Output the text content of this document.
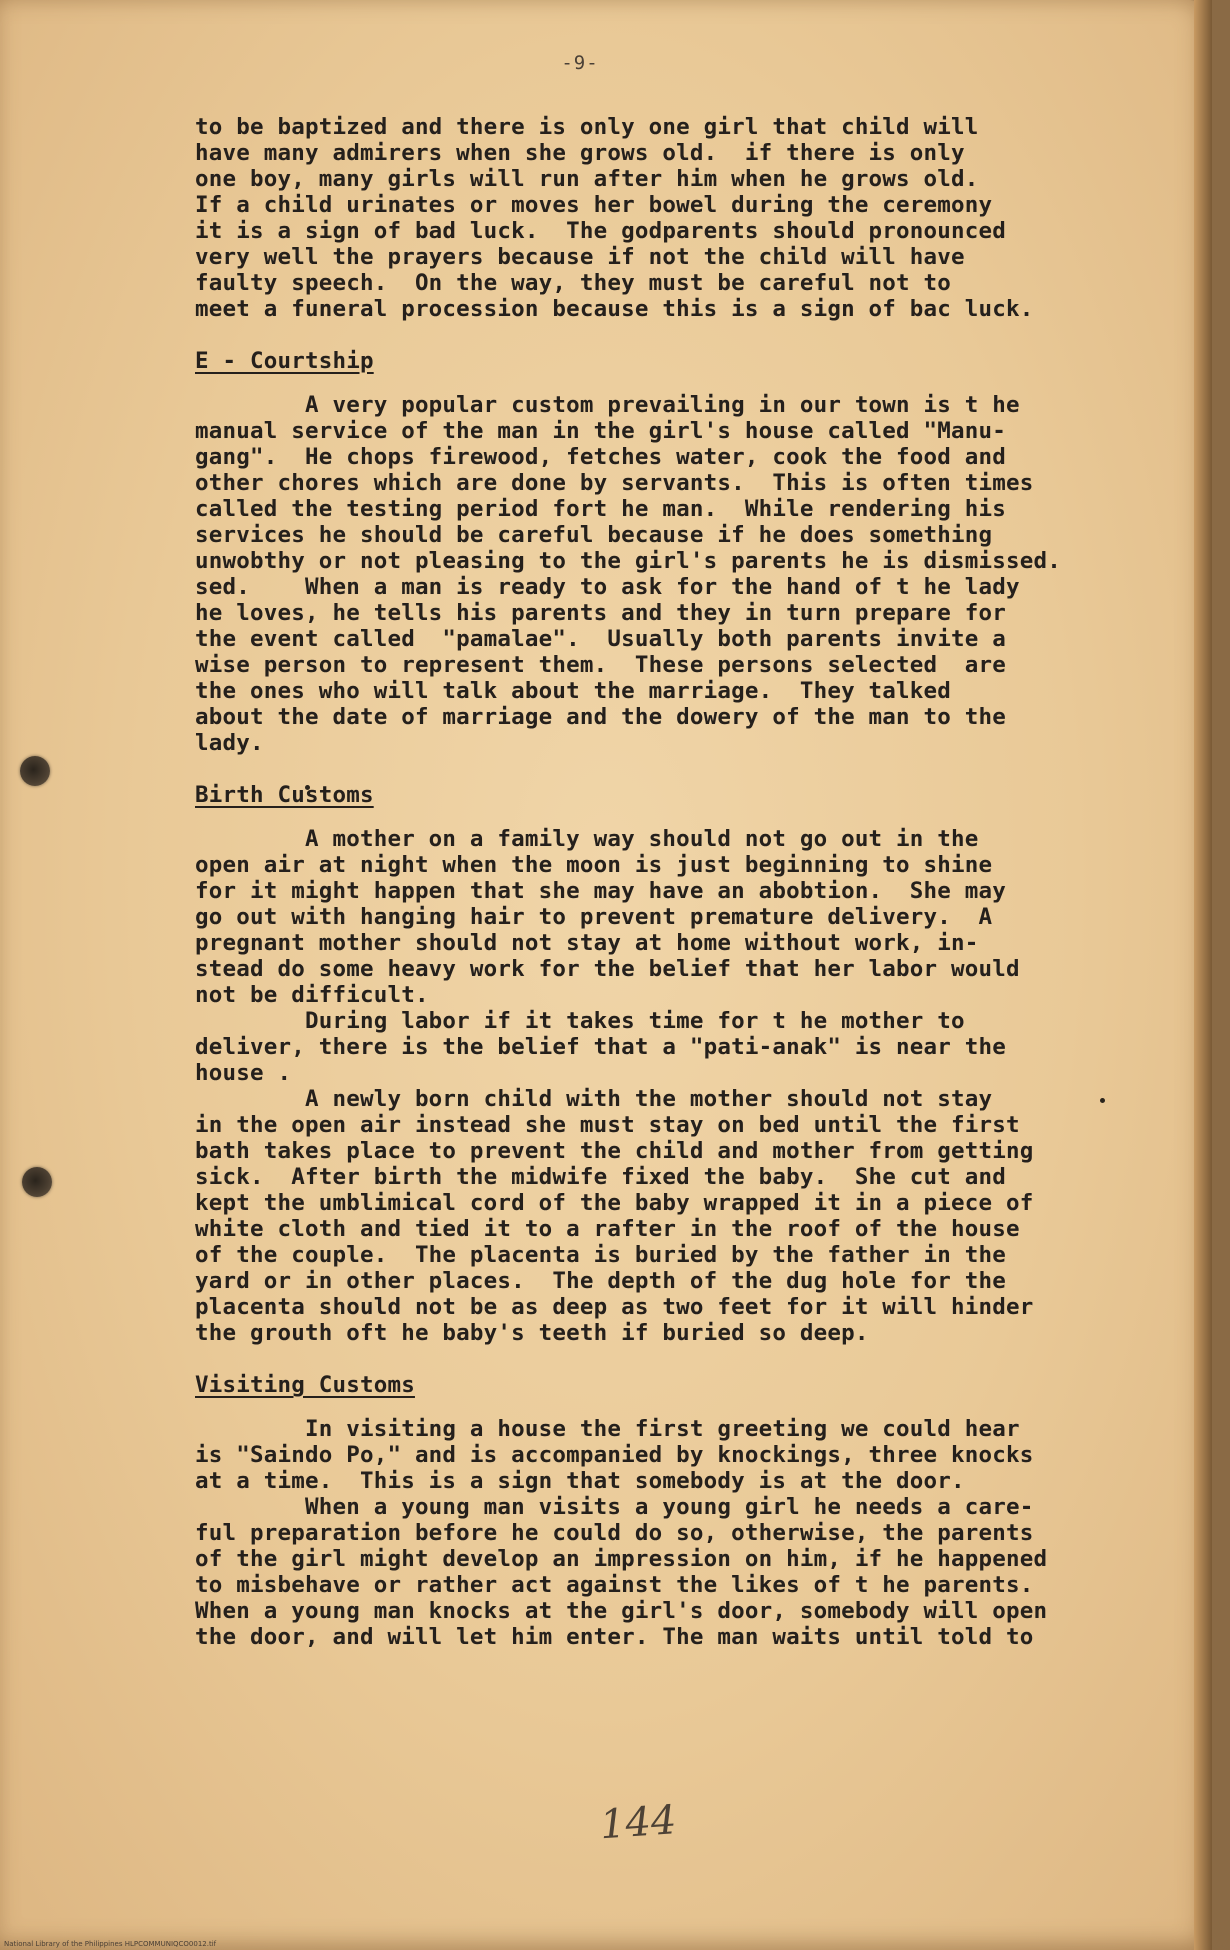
-9-
to be baptized and there is only one girl that child will
have many admirers when she grows old.  if there is only
one boy, many girls will run after him when he grows old.
If a child urinates or moves her bowel during the ceremony
it is a sign of bad luck.  The godparents should pronounced
very well the prayers because if not the child will have
faulty speech.  On the way, they must be careful not to
meet a funeral procession because this is a sign of bac luck.
E - Courtship
A very popular custom prevailing in our town is t he
manual service of the man in the girl's house called "Manu-
gang".  He chops firewood, fetches water, cook the food and
other chores which are done by servants.  This is often times
called the testing period fort he man.  While rendering his
services he should be careful because if he does something
unwobthy or not pleasing to the girl's parents he is dismissed.
sed.    When a man is ready to ask for the hand of t he lady
he loves, he tells his parents and they in turn prepare for
the event called  "pamalae".  Usually both parents invite a
wise person to represent them.  These persons selected  are
the ones who will talk about the marriage.  They talked
about the date of marriage and the dowery of the man to the
lady.
Birth Customs
A mother on a family way should not go out in the
open air at night when the moon is just beginning to shine
for it might happen that she may have an abobtion.  She may
go out with hanging hair to prevent premature delivery.  A
pregnant mother should not stay at home without work, in-
stead do some heavy work for the belief that her labor would
not be difficult.
During labor if it takes time for t he mother to
deliver, there is the belief that a "pati-anak" is near the
house .
A newly born child with the mother should not stay
in the open air instead she must stay on bed until the first
bath takes place to prevent the child and mother from getting
sick.  After birth the midwife fixed the baby.  She cut and
kept the umblimical cord of the baby wrapped it in a piece of
white cloth and tied it to a rafter in the roof of the house
of the couple.  The placenta is buried by the father in the
yard or in other places.  The depth of the dug hole for the
placenta should not be as deep as two feet for it will hinder
the grouth oft he baby's teeth if buried so deep.
Visiting Customs
In visiting a house the first greeting we could hear
is "Saindo Po," and is accompanied by knockings, three knocks
at a time.  This is a sign that somebody is at the door.
When a young man visits a young girl he needs a care-
ful preparation before he could do so, otherwise, the parents
of the girl might develop an impression on him, if he happened
to misbehave or rather act against the likes of t he parents.
When a young man knocks at the girl's door, somebody will open
the door, and will let him enter. The man waits until told to
144
National Library of the Philippines HLPCOMMUNIQCO0012.tif
